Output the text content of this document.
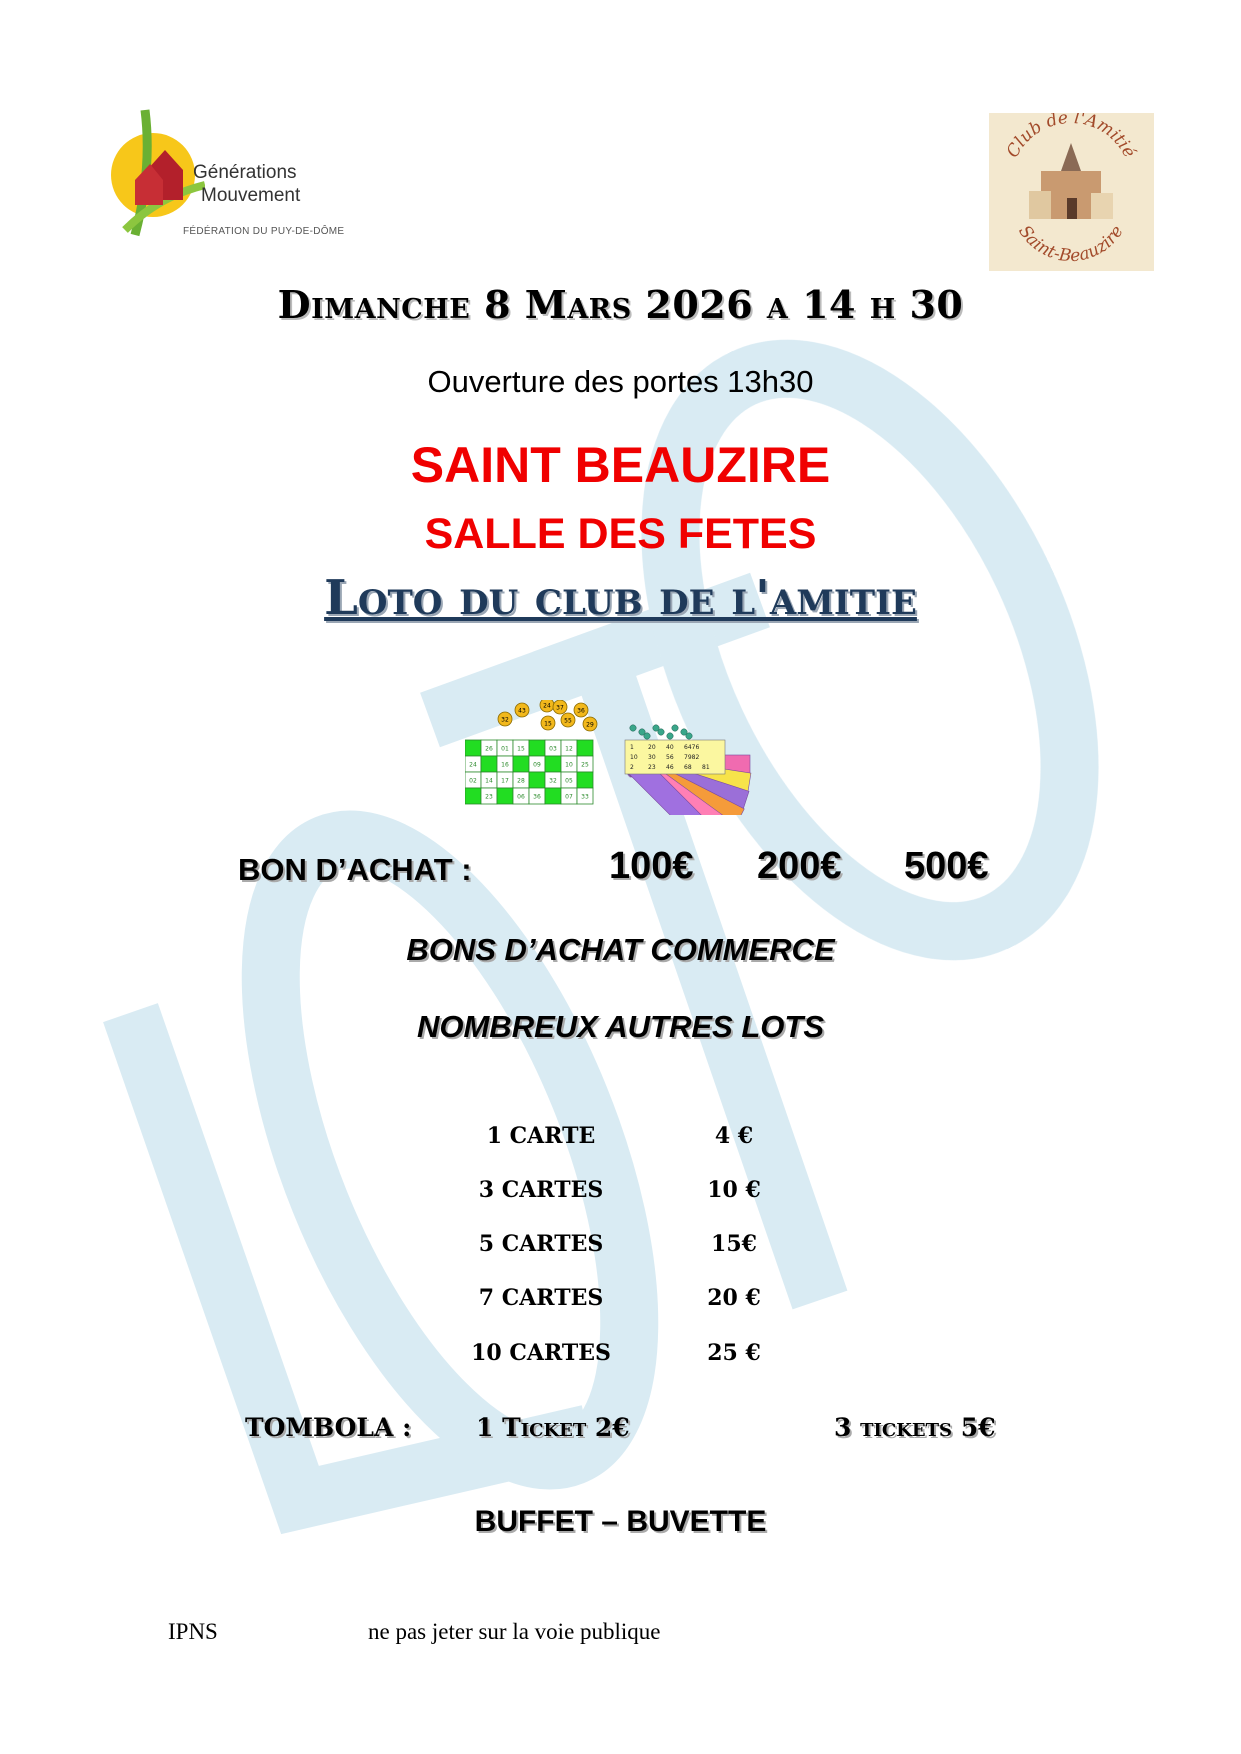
Générations
Mouvement
FÉDÉRATION DU PUY-DE-DÔME
Club de l'Amitié
Saint-Beauzire
Dimanche 8 Mars 2026 a 14 h 30
Ouverture des portes 13h30
SAINT BEAUZIRE
SALLE DES FETES
Loto du club de l'amitie
32
43
24 37 36
15 55
29
26 01 15	03 12
24	16	09	10 25
02 14 17 28	32 05
23	06 36	07 33
1 20 40 6476
10 30 56 7982
2 23 46 68 81
BON D’ACHAT :	100€ 200€ 500€
BONS D’ACHAT COMMERCE
NOMBREUX AUTRES LOTS
1 CARTE	4 €
3 CARTES	10 €
5 CARTES	15€
7 CARTES	20 €
10 CARTES	25 €
TOMBOLA :	1 Ticket 2€	3 tickets 5€
BUFFET – BUVETTE
IPNS	ne pas jeter sur la voie publique
